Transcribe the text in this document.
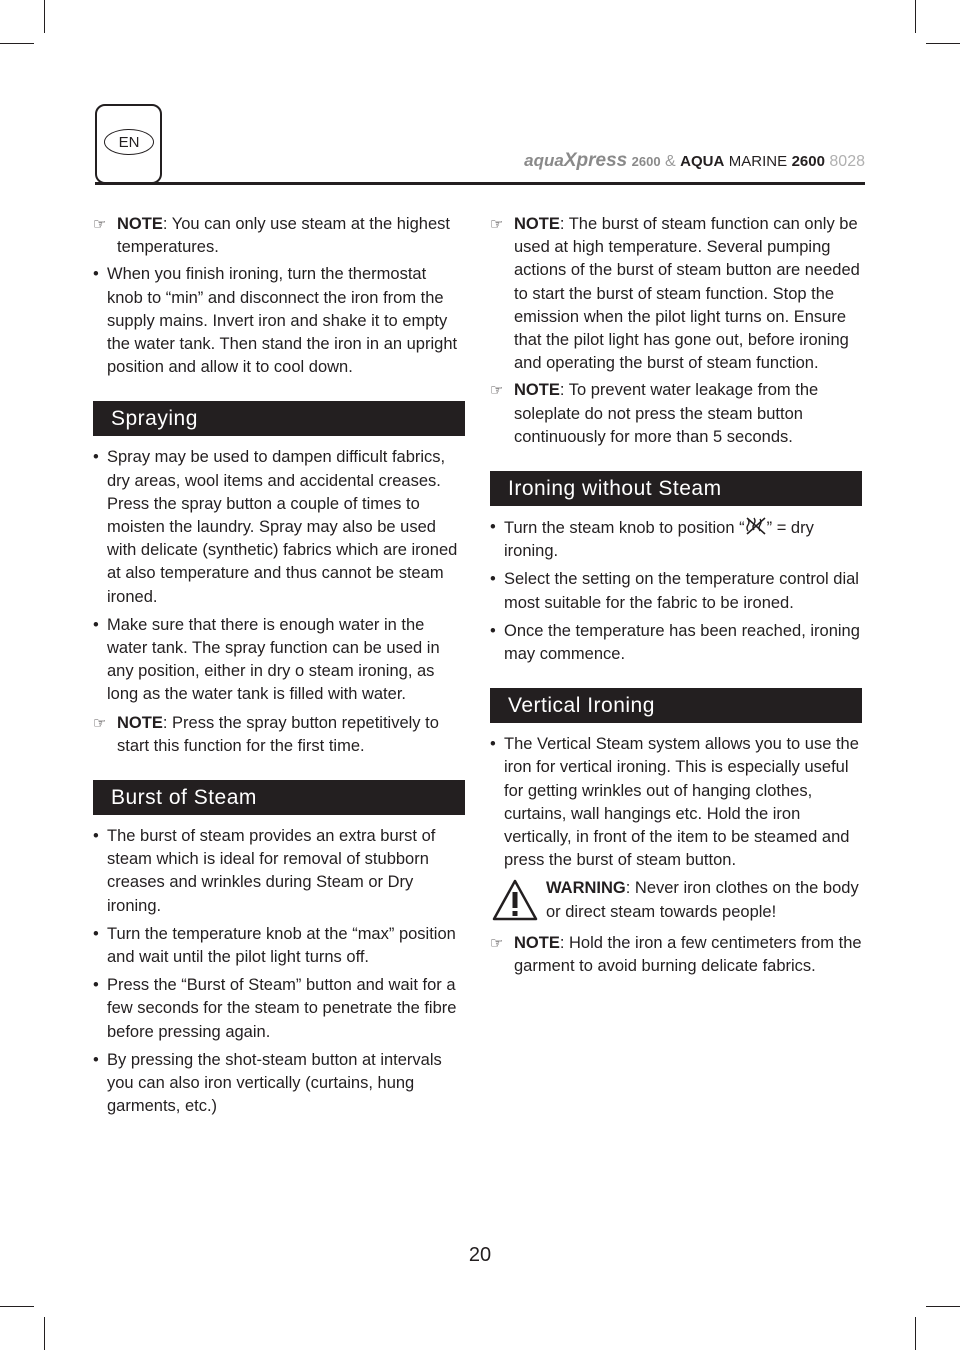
EN
aquaXpress 2600 & AQUA MARINE 2600 8028
☞ NOTE: You can only use steam at the highest temperatures.
• When you finish ironing, turn the thermostat knob to “min” and disconnect the iron from the supply mains. Invert iron and shake it to empty the water tank. Then stand the iron in an upright position and allow it to cool down.
Spraying
• Spray may be used to dampen difficult fabrics, dry areas, wool items and accidental creases. Press the spray button a couple of times to moisten the laundry. Spray may also be used with delicate (synthetic) fabrics which are ironed at also temperature and thus cannot be steam ironed.
• Make sure that there is enough water in the water tank. The spray function can be used in any position, either in dry o steam ironing, as long as the water tank is filled with water.
☞ NOTE: Press the spray button repetitively to start this function for the first time.
Burst of Steam
• The burst of steam provides an extra burst of steam which is ideal for removal of stubborn creases and wrinkles during Steam or Dry ironing.
• Turn the temperature knob at the “max” position and wait until the pilot light turns off.
• Press the “Burst of Steam” button and wait for a few seconds for the steam to penetrate the fibre before pressing again.
• By pressing the shot-steam button at intervals you can also iron vertically (curtains, hung garments, etc.)
☞ NOTE: The burst of steam function can only be used at high temperature. Several pumping actions of the burst of steam button are needed to start the burst of steam function. Stop the emission when the pilot light turns on. Ensure that the pilot light has gone out, before ironing and operating the burst of steam function.
☞ NOTE: To prevent water leakage from the soleplate do not press the steam button continuously for more than 5 seconds.
Ironing without Steam
• Turn the steam knob to position “ ” = dry ironing.
• Select the setting on the temperature control dial most suitable for the fabric to be ironed.
• Once the temperature has been reached, ironing may commence.
Vertical Ironing
• The Vertical Steam system allows you to use the iron for vertical ironing. This is especially useful for getting wrinkles out of hanging clothes, curtains, wall hangings etc. Hold the iron vertically, in front of the item to be steamed and press the burst of steam button.
WARNING: Never iron clothes on the body or direct steam towards people!
☞ NOTE: Hold the iron a few centimeters from the garment to avoid burning delicate fabrics.
20
